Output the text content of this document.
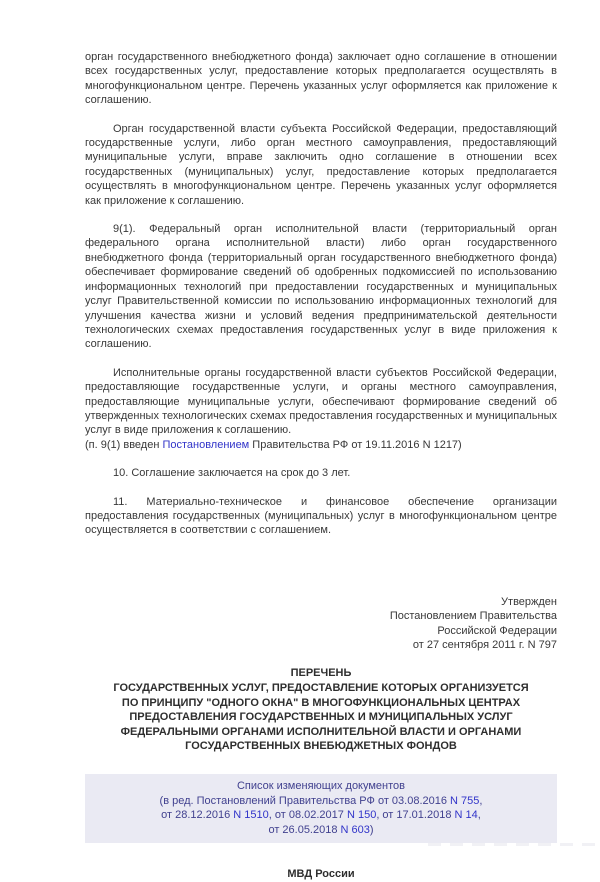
орган государственного внебюджетного фонда) заключает одно соглашение в отношении всех государственных услуг, предоставление которых предполагается осуществлять в многофункциональном центре. Перечень указанных услуг оформляется как приложение к соглашению.

Орган государственной власти субъекта Российской Федерации, предоставляющий государственные услуги, либо орган местного самоуправления, предоставляющий муниципальные услуги, вправе заключить одно соглашение в отношении всех государственных (муниципальных) услуг, предоставление которых предполагается осуществлять в многофункциональном центре. Перечень указанных услуг оформляется как приложение к соглашению.

9(1). Федеральный орган исполнительной власти (территориальный орган федерального органа исполнительной власти) либо орган государственного внебюджетного фонда (территориальный орган государственного внебюджетного фонда) обеспечивает формирование сведений об одобренных подкомиссией по использованию информационных технологий при предоставлении государственных и муниципальных услуг Правительственной комиссии по использованию информационных технологий для улучшения качества жизни и условий ведения предпринимательской деятельности технологических схемах предоставления государственных услуг в виде приложения к соглашению.

Исполнительные органы государственной власти субъектов Российской Федерации, предоставляющие государственные услуги, и органы местного самоуправления, предоставляющие муниципальные услуги, обеспечивают формирование сведений об утвержденных технологических схемах предоставления государственных и муниципальных услуг в виде приложения к соглашению.

(п. 9(1) введен Постановлением Правительства РФ от 19.11.2016 N 1217)

10. Соглашение заключается на срок до 3 лет.

11. Материально-техническое и финансовое обеспечение организации предоставления государственных (муниципальных) услуг в многофункциональном центре осуществляется в соответствии с соглашением.

Утвержден
Постановлением Правительства
Российской Федерации
от 27 сентября 2011 г. N 797
ПЕРЕЧЕНЬ
ГОСУДАРСТВЕННЫХ УСЛУГ, ПРЕДОСТАВЛЕНИЕ КОТОРЫХ ОРГАНИЗУЕТСЯ
ПО ПРИНЦИПУ "ОДНОГО ОКНА" В МНОГОФУНКЦИОНАЛЬНЫХ ЦЕНТРАХ
ПРЕДОСТАВЛЕНИЯ ГОСУДАРСТВЕННЫХ И МУНИЦИПАЛЬНЫХ УСЛУГ
ФЕДЕРАЛЬНЫМИ ОРГАНАМИ ИСПОЛНИТЕЛЬНОЙ ВЛАСТИ И ОРГАНАМИ
ГОСУДАРСТВЕННЫХ ВНЕБЮДЖЕТНЫХ ФОНДОВ
Список изменяющих документов
(в ред. Постановлений Правительства РФ от 03.08.2016 N 755,
от 28.12.2016 N 1510, от 08.02.2017 N 150, от 17.01.2018 N 14,
от 26.05.2018 N 603)
МВД России
